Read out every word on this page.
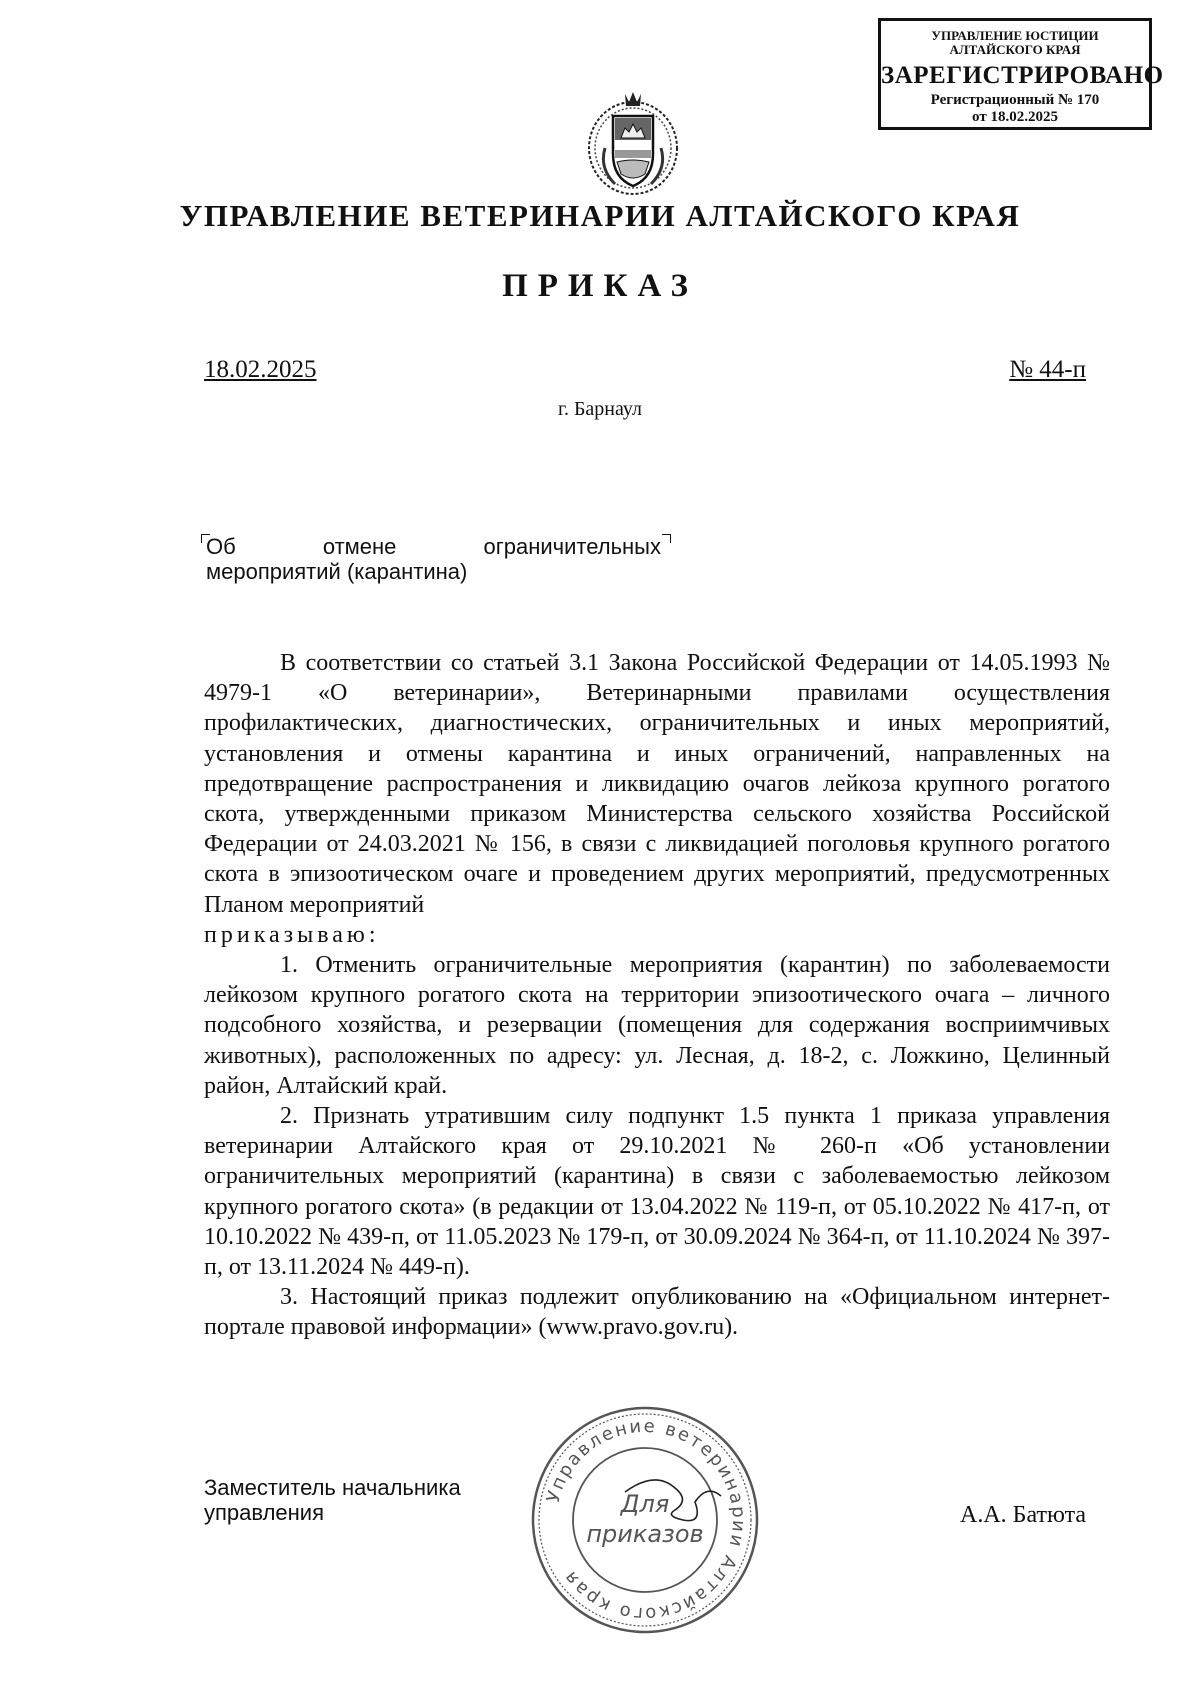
УПРАВЛЕНИЕ ЮСТИЦИИ
АЛТАЙСКОГО КРАЯ
ЗАРЕГИСТРИРОВАНО
Регистрационный № 170
от 18.02.2025
УПРАВЛЕНИЕ ВЕТЕРИНАРИИ АЛТАЙСКОГО КРАЯ
ПРИКАЗ
18.02.2025	№ 44-п
г. Барнаул
Об	отмене	ограничительных
мероприятий (карантина)

В соответствии со статьей 3.1 Закона Российской Федерации от 14.05.1993 № 4979-1 «О ветеринарии», Ветеринарными правилами осуществления профилактических, диагностических, ограничительных и иных мероприятий, установления и отмены карантина и иных ограничений, направленных на предотвращение распространения и ликвидацию очагов лейкоза крупного рогатого скота, утвержденными приказом Министерства сельского хозяйства Российской Федерации от 24.03.2021 № 156, в связи с ликвидацией поголовья крупного рогатого скота в эпизоотическом очаге и проведением других мероприятий, предусмотренных Планом мероприятий

приказываю:

1. Отменить ограничительные мероприятия (карантин) по заболеваемости лейкозом крупного рогатого скота на территории эпизоотического очага – личного подсобного хозяйства, и резервации (помещения для содержания восприимчивых животных), расположенных по адресу: ул. Лесная, д. 18-2, с. Ложкино, Целинный район, Алтайский край.

2. Признать утратившим силу подпункт 1.5 пункта 1 приказа управления ветеринарии Алтайского края от 29.10.2021 № 260-п «Об установлении ограничительных мероприятий (карантина) в связи с заболеваемостью лейкозом крупного рогатого скота» (в редакции от 13.04.2022 № 119-п, от 05.10.2022 № 417-п, от 10.10.2022 № 439-п, от 11.05.2023 № 179-п, от 30.09.2024 № 364-п, от 11.10.2024 № 397-п, от 13.11.2024 № 449-п).

3. Настоящий приказ подлежит опубликованию на «Официальном интернет-портале правовой информации» (www.pravo.gov.ru).

Заместитель начальника
управления	А.А. Батюта
Управление ветеринарии Алтайского края
Для
приказов
